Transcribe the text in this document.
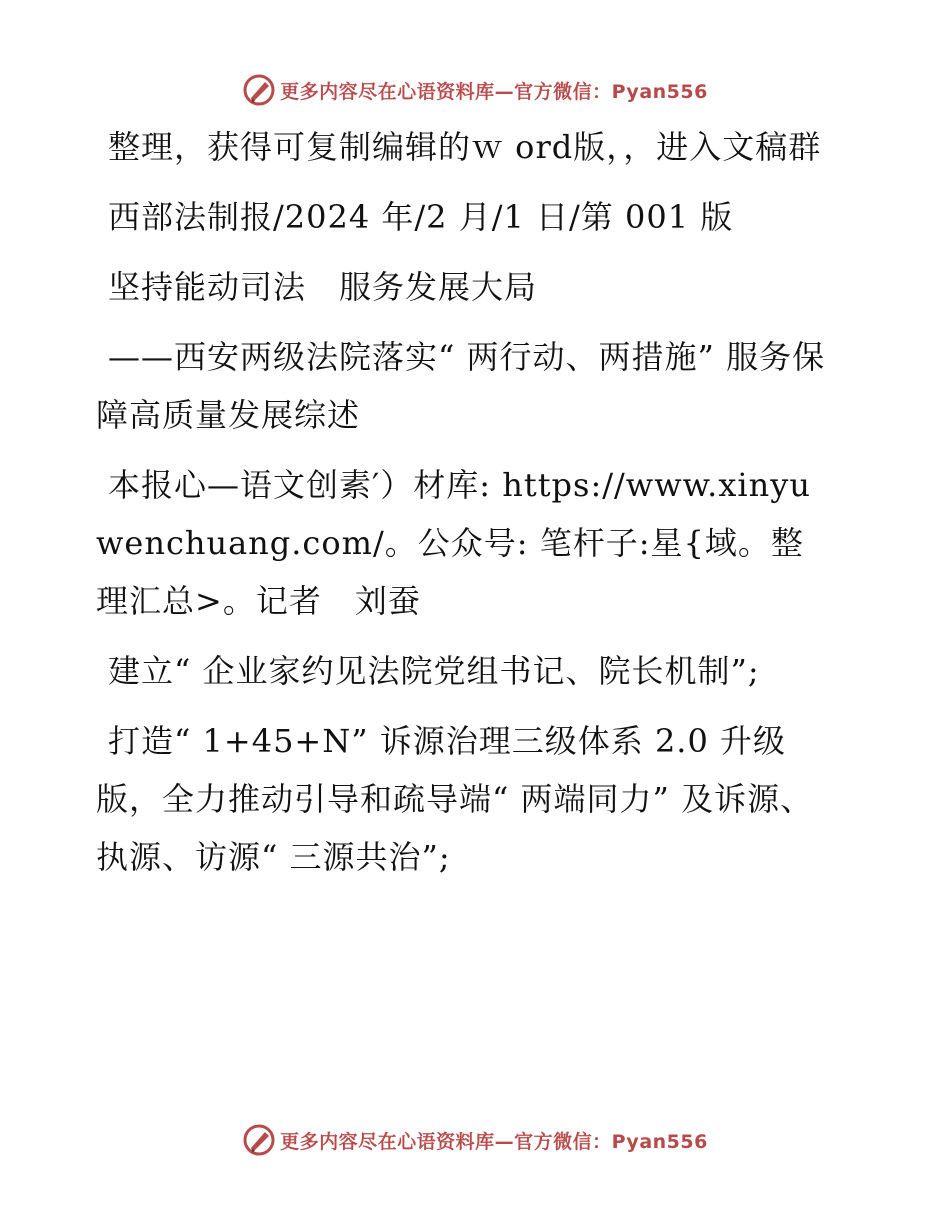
更多内容尽在心语资料库—官方微信：Pyan556

整理，获得可复制编辑的ｗ ord版，，进入文稿群

西部法制报/2024 年/2 月/1 日/第 001 版

坚持能动司法　服务发展大局

——西安两级法院落实“ 两行动、两措施” 服务保障高质量发展综述

本报心—语文创素′）材库: https://www.xinyuwenchuang.com/。公众号: 笔杆子:星{域。整理汇总>。记者　刘蚕

建立“ 企业家约见法院党组书记、院长机制”;

打造“ 1+45+N” 诉源治理三级体系 2.0 升级版，全力推动引导和疏导端“ 两端同力” 及诉源、执源、访源“ 三源共治”;

更多内容尽在心语资料库—官方微信：Pyan556
